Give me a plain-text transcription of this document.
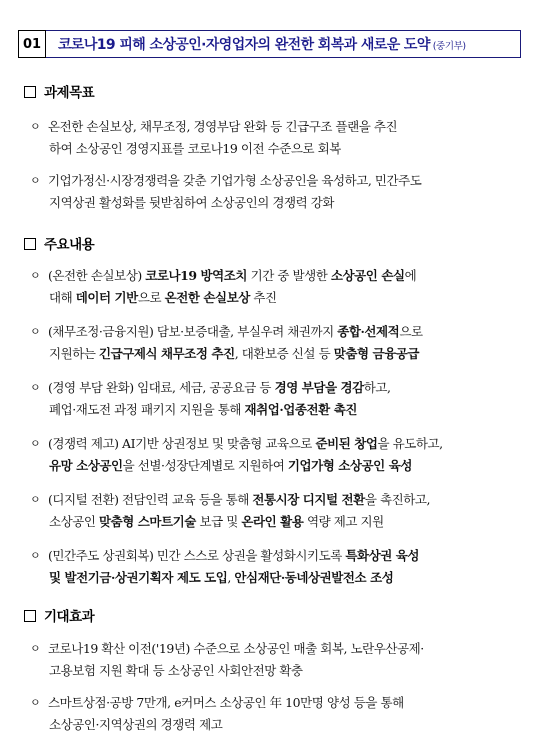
01	코로나19 피해 소상공인·자영업자의 완전한 회복과 새로운 도약 (중기부)
과제목표
ㅇ 온전한 손실보상, 채무조정, 경영부담 완화 등 긴급구조 플랜을 추진
하여 소상공인 경영지표를 코로나19 이전 수준으로 회복
ㅇ 기업가정신·시장경쟁력을 갖춘 기업가형 소상공인을 육성하고, 민간주도
지역상권 활성화를 뒷받침하여 소상공인의 경쟁력 강화
주요내용
ㅇ (온전한 손실보상) 코로나19 방역조치 기간 중 발생한 소상공인 손실에
대해 데이터 기반으로 온전한 손실보상 추진
ㅇ (채무조정·금융지원) 담보·보증대출, 부실우려 채권까지 종합·선제적으로
지원하는 긴급구제식 채무조정 추진, 대환보증 신설 등 맞춤형 금융공급
ㅇ (경영 부담 완화) 임대료, 세금, 공공요금 등 경영 부담을 경감하고,
폐업·재도전 과정 패키지 지원을 통해 재취업·업종전환 촉진
ㅇ (경쟁력 제고) AI기반 상권정보 및 맞춤형 교육으로 준비된 창업을 유도하고,
유망 소상공인을 선별·성장단계별로 지원하여 기업가형 소상공인 육성
ㅇ (디지털 전환) 전담인력 교육 등을 통해 전통시장 디지털 전환을 촉진하고,
소상공인 맞춤형 스마트기술 보급 및 온라인 활용 역량 제고 지원
ㅇ (민간주도 상권회복) 민간 스스로 상권을 활성화시키도록 특화상권 육성
및 발전기금·상권기획자 제도 도입, 안심재단·동네상권발전소 조성
기대효과
ㅇ 코로나19 확산 이전('19년) 수준으로 소상공인 매출 회복, 노란우산공제·
고용보험 지원 확대 등 소상공인 사회안전망 확충
ㅇ 스마트상점·공방 7만개, e커머스 소상공인 年 10만명 양성 등을 통해
소상공인·지역상권의 경쟁력 제고
